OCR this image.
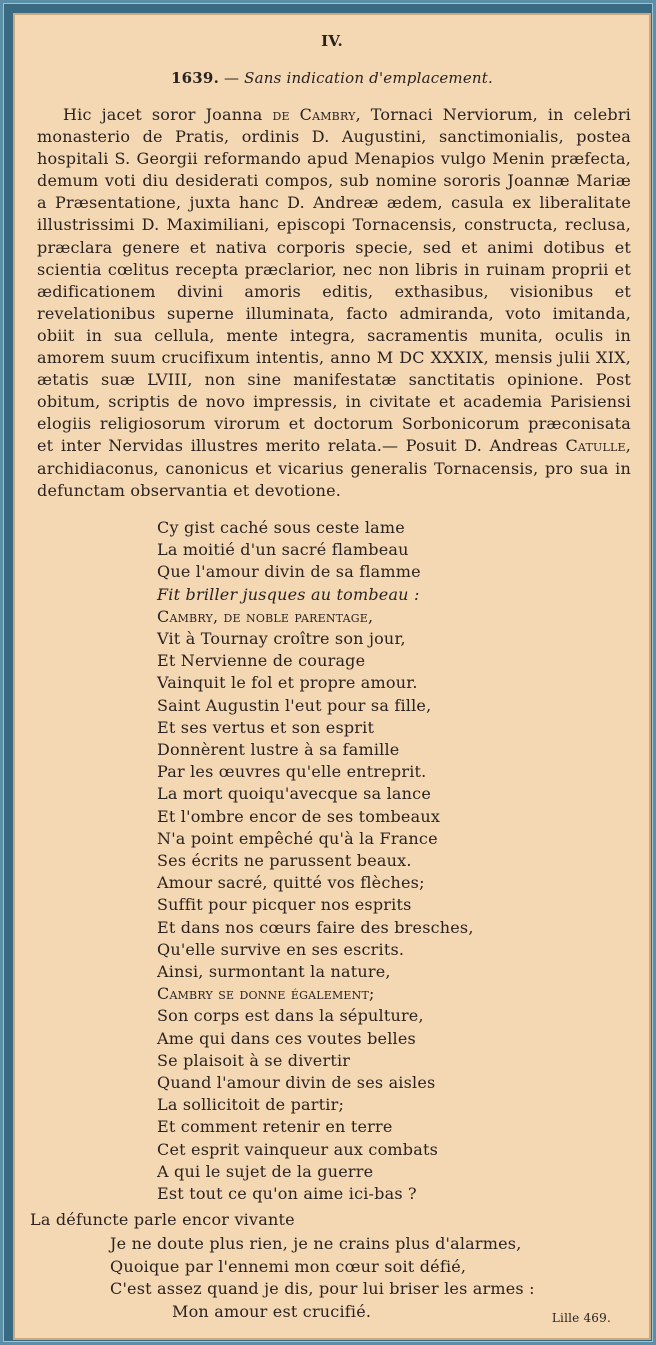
IV.
1639. — Sans indication d'emplacement.

Hic jacet soror Joanna de Cambry, Tornaci Nerviorum, in celebri monasterio de Pratis, ordinis D. Augustini, sanctimonialis, postea hospitali S. Georgii reformando apud Menapios vulgo Menin præfecta, demum voti diu desiderati compos, sub nomine sororis Joannæ Mariæ a Præsentatione, juxta hanc D. Andreæ ædem, casula ex liberalitate illustrissimi D. Maximiliani, episcopi Tornacensis, constructa, reclusa, præclara genere et nativa corporis specie, sed et animi dotibus et scientia cœlitus recepta præclarior, nec non libris in ruinam proprii et ædificationem divini amoris editis, exthasibus, visionibus et revelationibus superne illuminata, facto admiranda, voto imitanda, obiit in sua cellula, mente integra, sacramentis munita, oculis in amorem suum crucifixum intentis, anno M DC XXXIX, mensis julii XIX, ætatis suæ LVIII, non sine manifestatæ sanctitatis opinione. Post obitum, scriptis de novo impressis, in civitate et academia Parisiensi elogiis religiosorum virorum et doctorum Sorbonicorum præconisata et inter Nervidas illustres merito relata.— Posuit D. Andreas Catulle, archidiaconus, canonicus et vicarius generalis Tornacensis, pro sua in defunctam observantia et devotione.

Cy gist caché sous ceste lame
La moitié d'un sacré flambeau
Que l'amour divin de sa flamme
Fit briller jusques au tombeau :
Cambry, de noble parentage,
Vit à Tournay croître son jour,
Et Nervienne de courage
Vainquit le fol et propre amour.
Saint Augustin l'eut pour sa fille,
Et ses vertus et son esprit
Donnèrent lustre à sa famille
Par les œuvres qu'elle entreprit.
La mort quoiqu'avecque sa lance
Et l'ombre encor de ses tombeaux
N'a point empêché qu'à la France
Ses écrits ne parussent beaux.
Amour sacré, quitté vos flèches;
Suffit pour picquer nos esprits
Et dans nos cœurs faire des bresches,
Qu'elle survive en ses escrits.
Ainsi, surmontant la nature,
Cambry se donne également;
Son corps est dans la sépulture,
Ame qui dans ces voutes belles
Se plaisoit à se divertir
Quand l'amour divin de ses aisles
La sollicitoit de partir;
Et comment retenir en terre
Cet esprit vainqueur aux combats
A qui le sujet de la guerre
Est tout ce qu'on aime ici-bas ?
La défuncte parle encor vivante
Je ne doute plus rien, je ne crains plus d'alarmes,
Quoique par l'ennemi mon cœur soit défié,
C'est assez quand je dis, pour lui briser les armes :
Mon amour est crucifié.	Lille 469.
